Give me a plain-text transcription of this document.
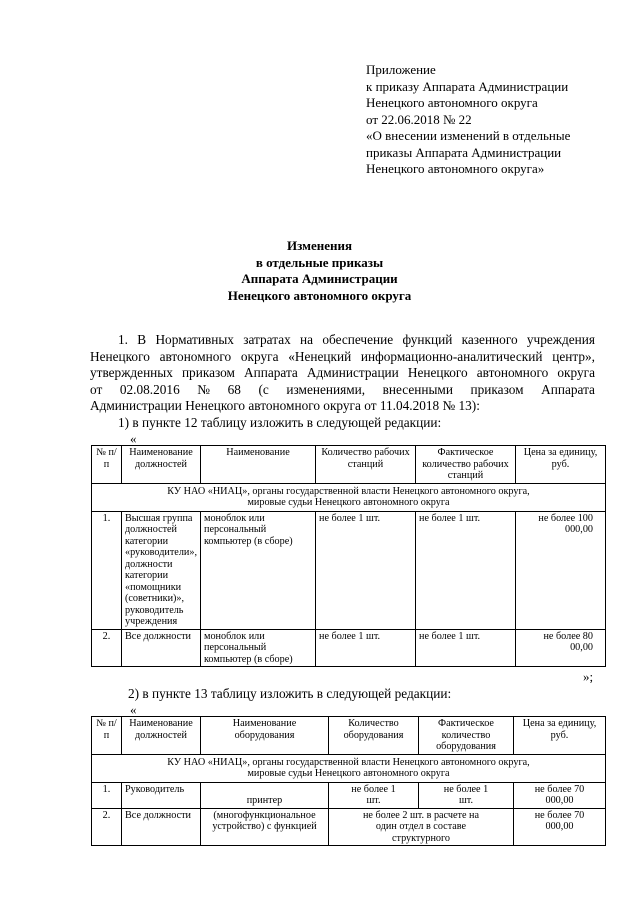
Приложение
к приказу Аппарата Администрации
Ненецкого автономного округа
от 22.06.2018 № 22
«О внесении изменений в отдельные
приказы Аппарата Администрации
Ненецкого автономного округа»
Изменения
в отдельные приказы
Аппарата Администрации
Ненецкого автономного округа
1. В Нормативных затратах на обеспечение функций казенного учреждения
Ненецкого автономного округа «Ненецкий информационно-аналитический центр»,
утвержденных приказом Аппарата Администрации Ненецкого автономного округа
от 02.08.2016 № 68 (с изменениями, внесенными приказом Аппарата
Администрации Ненецкого автономного округа от 11.04.2018 № 13):
1) в пункте 12 таблицу изложить в следующей редакции:
«
№ п/п	Наименование должностей	Наименование	Количество рабочих станций	Фактическое количество рабочих станций	Цена за единицу, руб.
КУ НАО «НИАЦ», органы государственной власти Ненецкого автономного округа, мировые судьи Ненецкого автономного округа					
1.	Высшая группа должностей категории «руководители», должности категории «помощники (советники)», руководитель учреждения	моноблок или персональный компьютер (в сборе)	не более 1 шт.	не более 1 шт.	не более 100 000,00
2.	Все должности	моноблок или персональный компьютер (в сборе)	не более 1 шт.	не более 1 шт.	не более 80 00,00
»;
2) в пункте 13 таблицу изложить в следующей редакции:
«
№ п/п	Наименование должностей	Наименование оборудования	Количество оборудования	Фактическое количество оборудования	Цена за единицу, руб.
КУ НАО «НИАЦ», органы государственной власти Ненецкого автономного округа, мировые судьи Ненецкого автономного округа					
1.	Руководитель	принтер	не более 1 шт.	не более 1 шт.	не более 70 000,00
2.	Все должности	(многофункциональное устройство) с функцией	не более 2 шт. в расчете на один отдел в составе структурного		не более 70 000,00
